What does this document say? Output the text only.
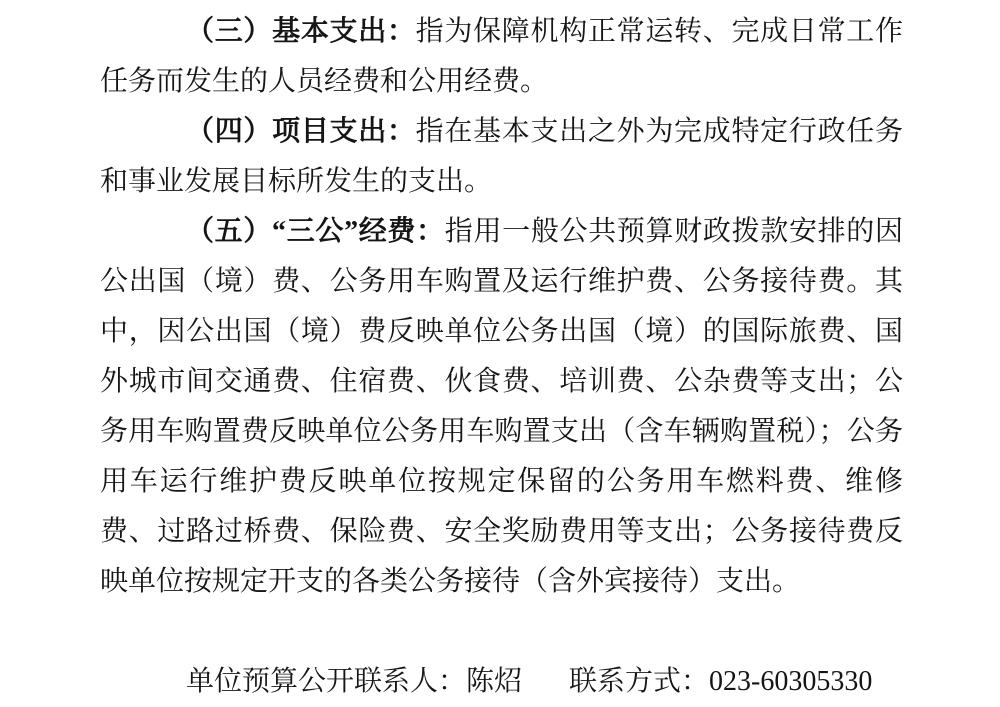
（三）基本支出：指为保障机构正常运转、完成日常工作任务而发生的人员经费和公用经费。

（四）项目支出：指在基本支出之外为完成特定行政任务和事业发展目标所发生的支出。

（五）“三公”经费：指用一般公共预算财政拨款安排的因公出国（境）费、公务用车购置及运行维护费、公务接待费。其中，因公出国（境）费反映单位公务出国（境）的国际旅费、国外城市间交通费、住宿费、伙食费、培训费、公杂费等支出；公务用车购置费反映单位公务用车购置支出（含车辆购置税）；公务用车运行维护费反映单位按规定保留的公务用车燃料费、维修费、过路过桥费、保险费、安全奖励费用等支出；公务接待费反映单位按规定开支的各类公务接待（含外宾接待）支出。

单位预算公开联系人：陈炤 联系方式：023-60305330
